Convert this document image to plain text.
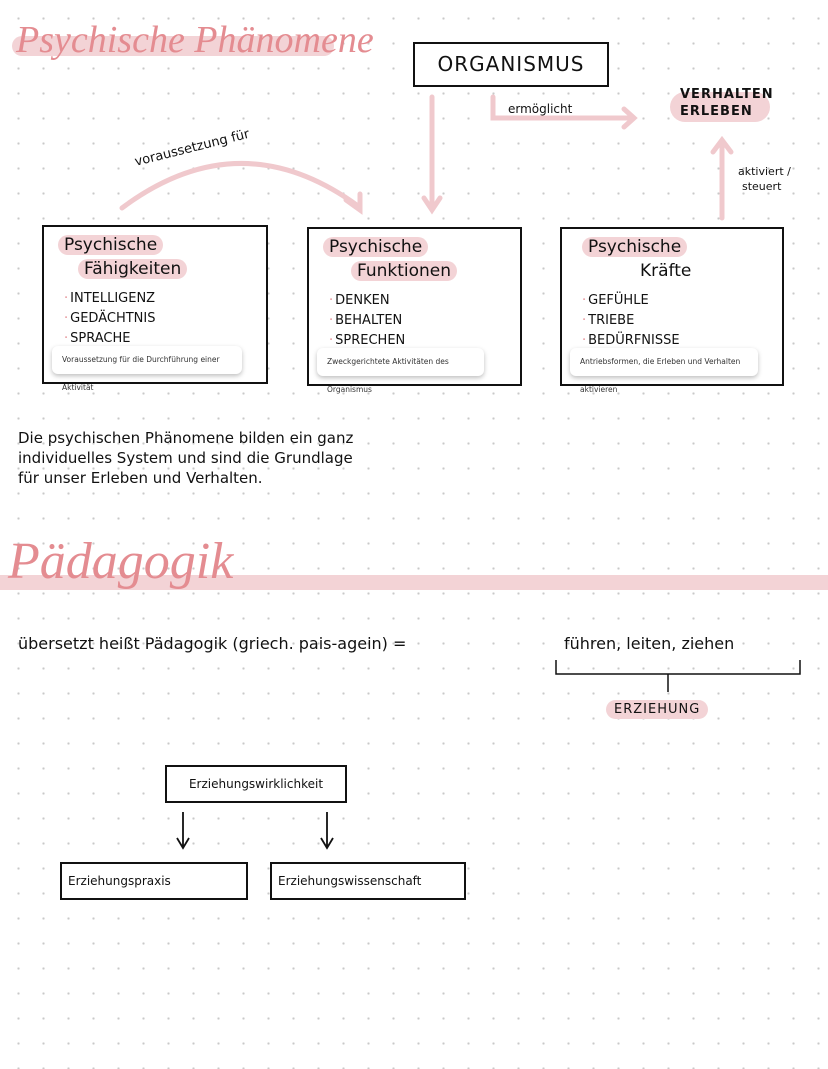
Psychische Phänomene
ORGANISMUS
ermöglicht
VERHALTEN
ERLEBEN
aktiviert /
steuert
voraussetzung für
Psychische
Fähigkeiten
· INTELLIGENZ
· GEDÄCHTNIS
· SPRACHE
Voraussetzung für die Durchführung einer Aktivität
Psychische
Funktionen
· DENKEN
· BEHALTEN
· SPRECHEN
Zweckgerichtete Aktivitäten des Organismus
Psychische
Kräfte
· GEFÜHLE
· TRIEBE
· BEDÜRFNISSE
Antriebsformen, die Erleben und Verhalten aktivieren
Die psychischen Phänomene bilden ein ganz
individuelles System und sind die Grundlage
für unser Erleben und Verhalten.
Pädagogik
übersetzt heißt Pädagogik (griech. pais-agein) =	führen, leiten, ziehen
ERZIEHUNG
Erziehungswirklichkeit
Erziehungspraxis	Erziehungswissenschaft
